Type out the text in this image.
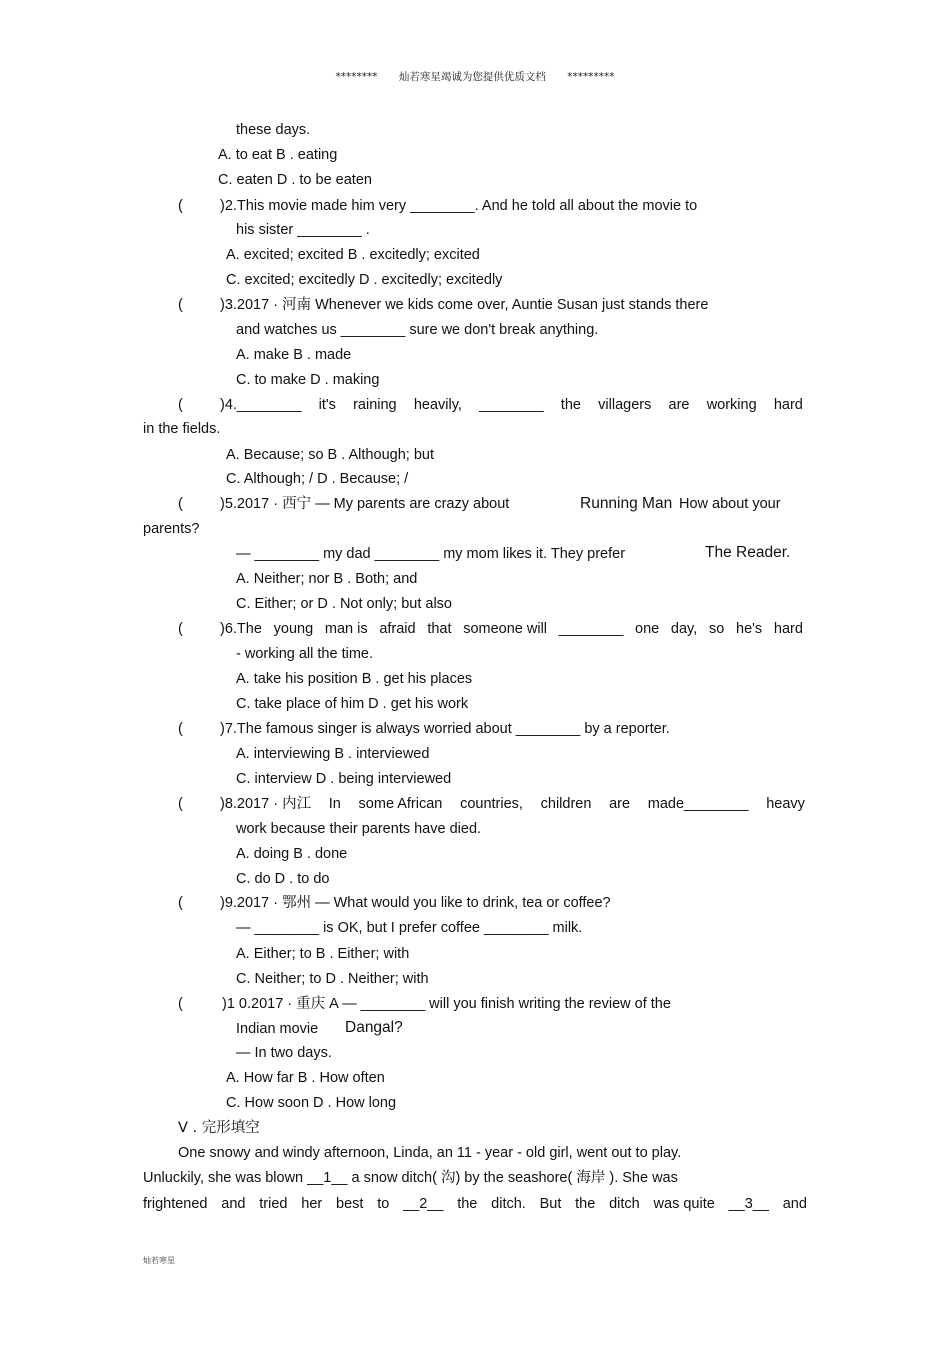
******** 灿若寒星竭诚为您提供优质文档 *********
these days.
A. to eat B . eating
C. eaten D . to be eaten
(	)2.This movie made him very ________. And he told all about the movie to
his sister ________ .
A. excited; excited B . excitedly; excited
C. excited; excitedly D . excitedly; excitedly
(	)3.2017 · 河南 Whenever we kids come over, Auntie Susan just stands there
and watches us ________ sure we don't break anything.
A. make B . made
C. to make D . making
(	)4.________ it's raining heavily, ________ the villagers are working hard
in the fields.
A. Because; so B . Although; but
C. Although; / D . Because; /
(	)5.2017 · 西宁 — My parents are crazy about	Running Man How about your
parents?
— ________ my dad ________ my mom likes it. They prefer	The Reader.
A. Neither; nor B . Both; and
C. Either; or D . Not only; but also
(	)6.The young man is afraid that someone will ________ one day, so he's hard
- working all the time.
A. take his position B . get his places
C. take place of him D . get his work
(	)7.The famous singer is always worried about ________ by a reporter.
A. interviewing B . interviewed
C. interview D . being interviewed
(	)8.2017 · 内江 In some African countries, children are made________ heavy
work because their parents have died.
A. doing B . done
C. do D . to do
(	)9.2017 · 鄂州 — What would you like to drink, tea or coffee?
— ________ is OK, but I prefer coffee ________ milk.
A. Either; to B . Either; with
C. Neither; to D . Neither; with
(	)1 0.2017 · 重庆 A — ________ will you finish writing the review of the
Indian movie Dangal?
— In two days.
A. How far B . How often
C. How soon D . How long
V . 完形填空
One snowy and windy afternoon, Linda, an 11 - year - old girl, went out to play.
Unluckily, she was blown __1__ a snow ditch( 沟) by the seashore( 海岸 ). She was
frightened and tried her best to __2__ the ditch. But the ditch was quite __3__ and
灿若寒星
